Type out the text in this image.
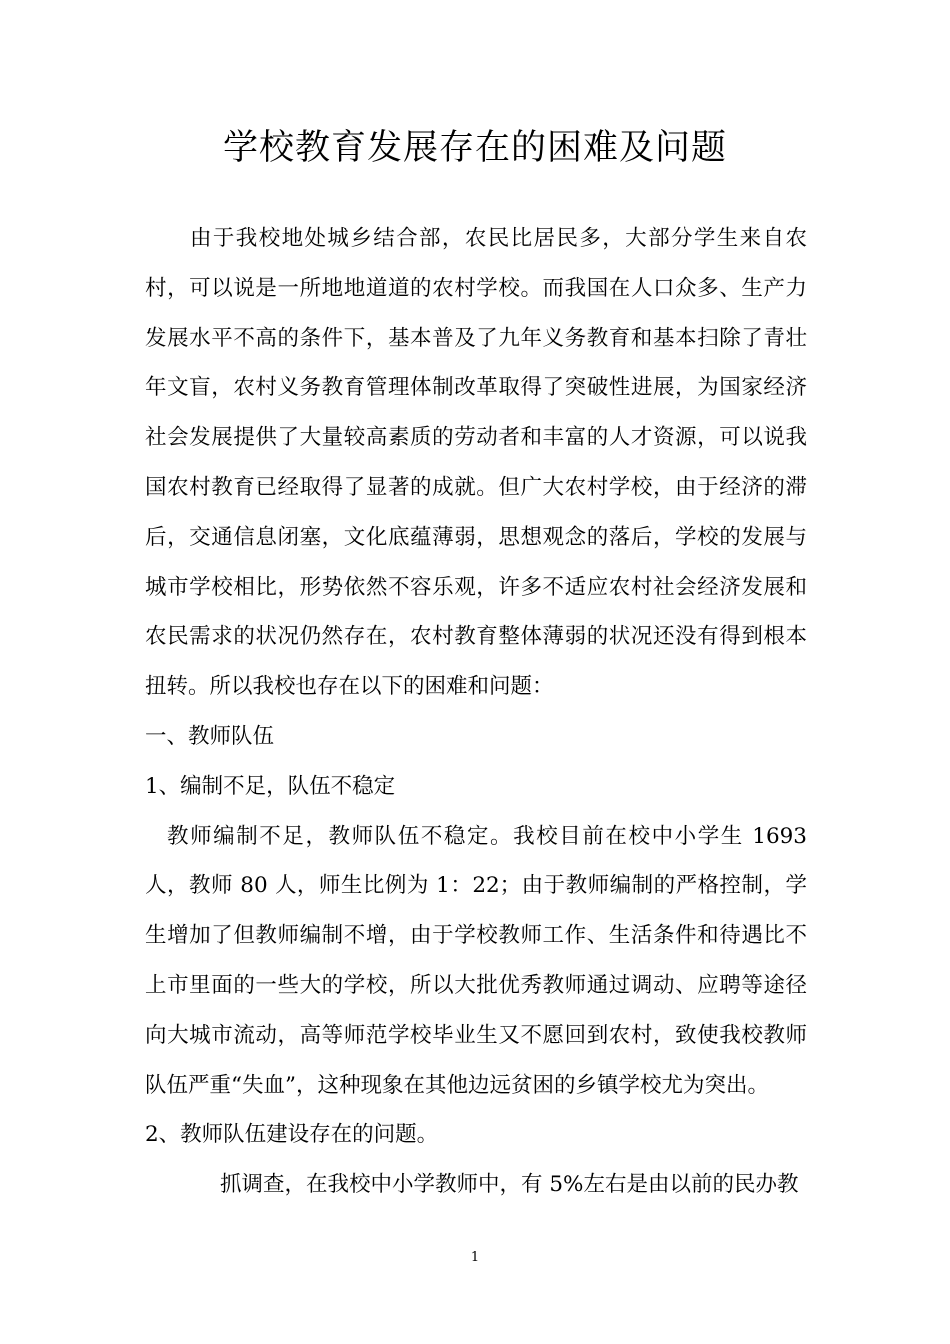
学校教育发展存在的困难及问题

由于我校地处城乡结合部，农民比居民多，大部分学生来自农村，可以说是一所地地道道的农村学校。而我国在人口众多、生产力发展水平不高的条件下，基本普及了九年义务教育和基本扫除了青壮年文盲，农村义务教育管理体制改革取得了突破性进展，为国家经济社会发展提供了大量较高素质的劳动者和丰富的人才资源，可以说我国农村教育已经取得了显著的成就。但广大农村学校，由于经济的滞后，交通信息闭塞，文化底蕴薄弱，思想观念的落后，学校的发展与城市学校相比，形势依然不容乐观，许多不适应农村社会经济发展和农民需求的状况仍然存在，农村教育整体薄弱的状况还没有得到根本扭转。所以我校也存在以下的困难和问题：

一、教师队伍

1、编制不足，队伍不稳定

教师编制不足，教师队伍不稳定。我校目前在校中小学生 1693 人，教师 80 人，师生比例为 1：22；由于教师编制的严格控制，学生增加了但教师编制不增，由于学校教师工作、生活条件和待遇比不上市里面的一些大的学校，所以大批优秀教师通过调动、应聘等途径向大城市流动，高等师范学校毕业生又不愿回到农村，致使我校教师队伍严重“失血”，这种现象在其他边远贫困的乡镇学校尤为突出。

2、教师队伍建设存在的问题。

抓调查，在我校中小学教师中，有 5%左右是由以前的民办教

1
